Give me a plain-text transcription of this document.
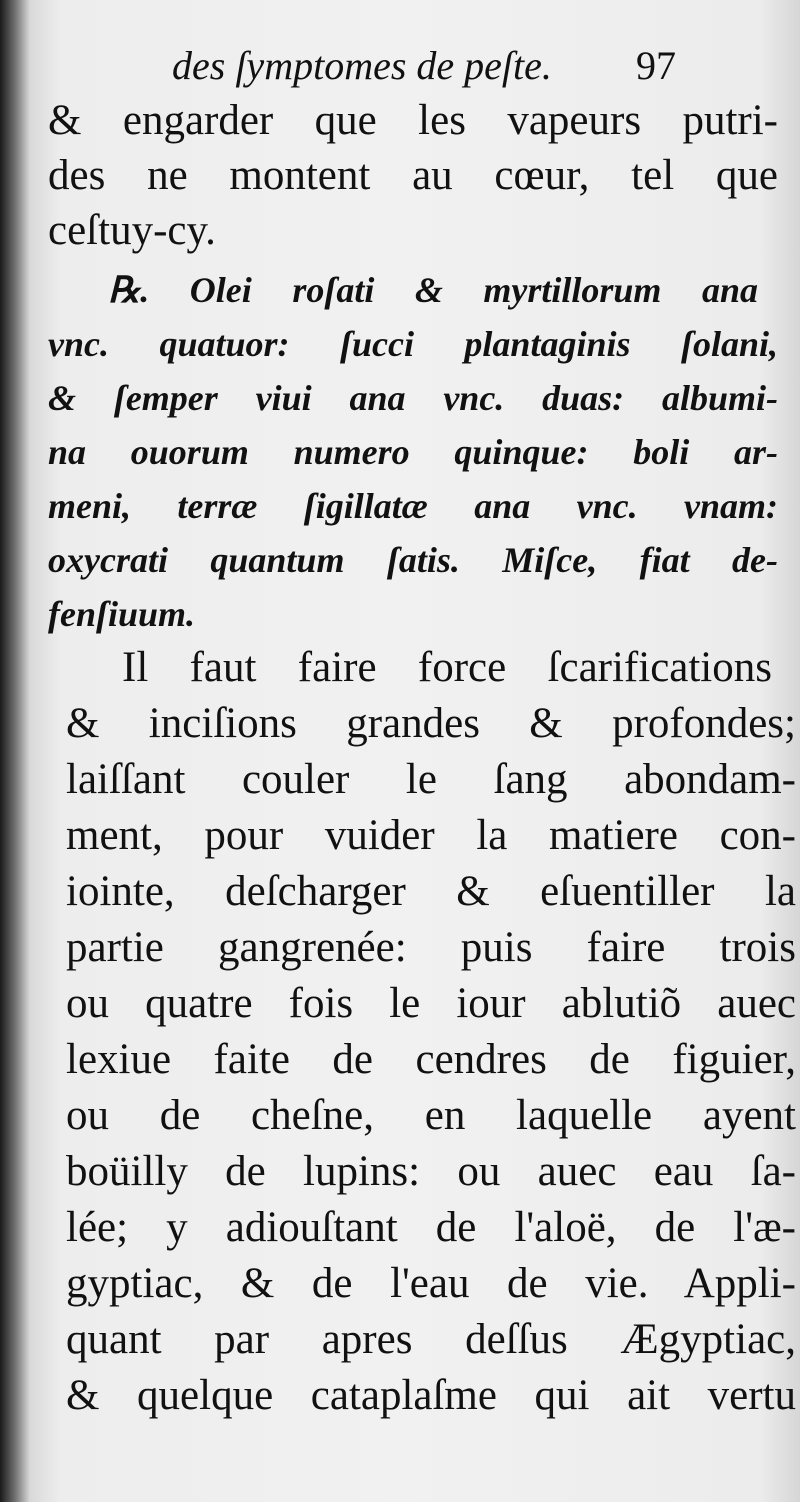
des ſymptomes de peſte. 97
& engarder que les vapeurs putri-
des ne montent au cœur, tel que
ceſtuy-cy.
℞. Olei roſati & myrtillorum ana
vnc. quatuor: ſucci plantaginis ſolani,
& ſemper viui ana vnc. duas: albumi-
na ouorum numero quinque: boli ar-
meni, terræ ſigillatæ ana vnc. vnam:
oxycrati quantum ſatis. Miſce, fiat de-
fenſiuum.
Il faut faire force ſcarifications
& inciſions grandes & profondes;
laiſſant couler le ſang abondam-
ment, pour vuider la matiere con-
iointe, deſcharger & eſuentiller la
partie gangrenée: puis faire trois
ou quatre fois le iour ablutiõ auec
lexiue faite de cendres de figuier,
ou de cheſne, en laquelle ayent
boüilly de lupins: ou auec eau ſa-
lée; y adiouſtant de l'aloë, de l'æ-
gyptiac, & de l'eau de vie. Appli-
quant par apres deſſus Ægyptiac,
& quelque cataplaſme qui ait vertu
